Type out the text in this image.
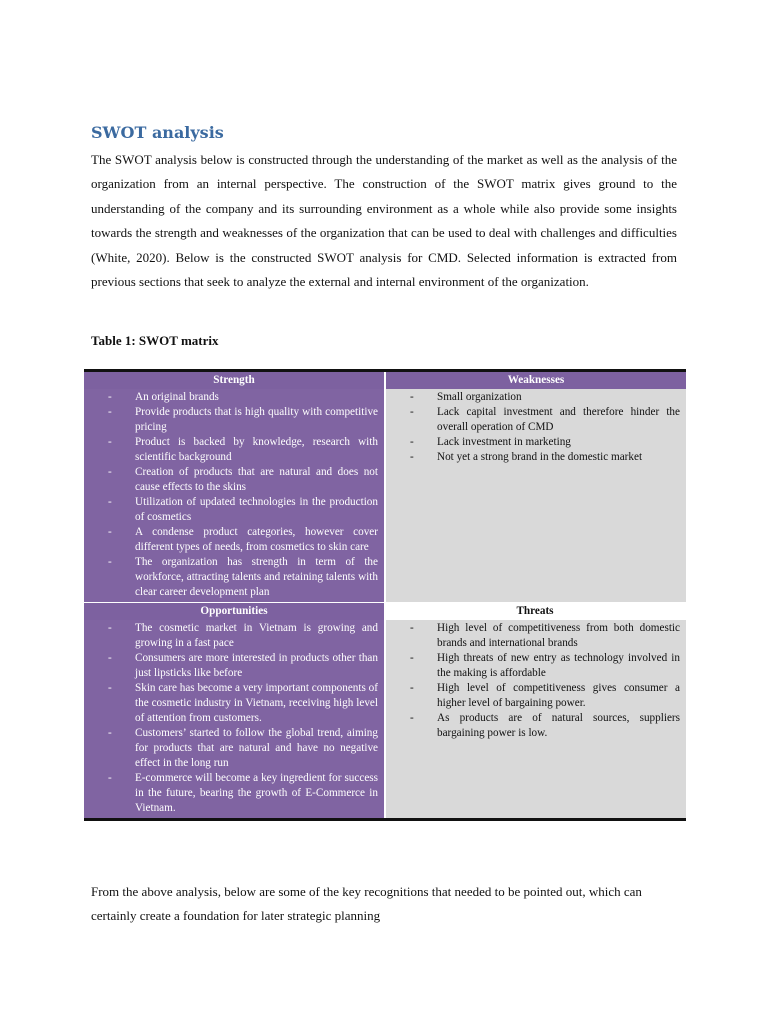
SWOT analysis

The SWOT analysis below is constructed through the understanding of the market as well as the analysis of the organization from an internal perspective. The construction of the SWOT matrix gives ground to the understanding of the company and its surrounding environment as a whole while also provide some insights towards the strength and weaknesses of the organization that can be used to deal with challenges and difficulties (White, 2020). Below is the constructed SWOT analysis for CMD. Selected information is extracted from previous sections that seek to analyze the external and internal environment of the organization.

Table 1: SWOT matrix
Strength	Weaknesses
- An original brands
- Provide products that is high quality with competitive pricing
- Product is backed by knowledge, research with scientific background
- Creation of products that are natural and does not cause effects to the skins
- Utilization of updated technologies in the production of cosmetics
- A condense product categories, however cover different types of needs, from cosmetics to skin care
- The organization has strength in term of the workforce, attracting talents and retaining talents with clear career development plan
- Small organization
- Lack capital investment and therefore hinder the overall operation of CMD
- Lack investment in marketing
- Not yet a strong brand in the domestic market
Opportunities	Threats
- The cosmetic market in Vietnam is growing and growing in a fast pace
- Consumers are more interested in products other than just lipsticks like before
- Skin care has become a very important components of the cosmetic industry in Vietnam, receiving high level of attention from customers.
- Customers’ started to follow the global trend, aiming for products that are natural and have no negative effect in the long run
- E-commerce will become a key ingredient for success in the future, bearing the growth of E-Commerce in Vietnam.
- High level of competitiveness from both domestic brands and international brands
- High threats of new entry as technology involved in the making is affordable
- High level of competitiveness gives consumer a higher level of bargaining power.
- As products are of natural sources, suppliers bargaining power is low.

From the above analysis, below are some of the key recognitions that needed to be pointed out, which can certainly create a foundation for later strategic planning
